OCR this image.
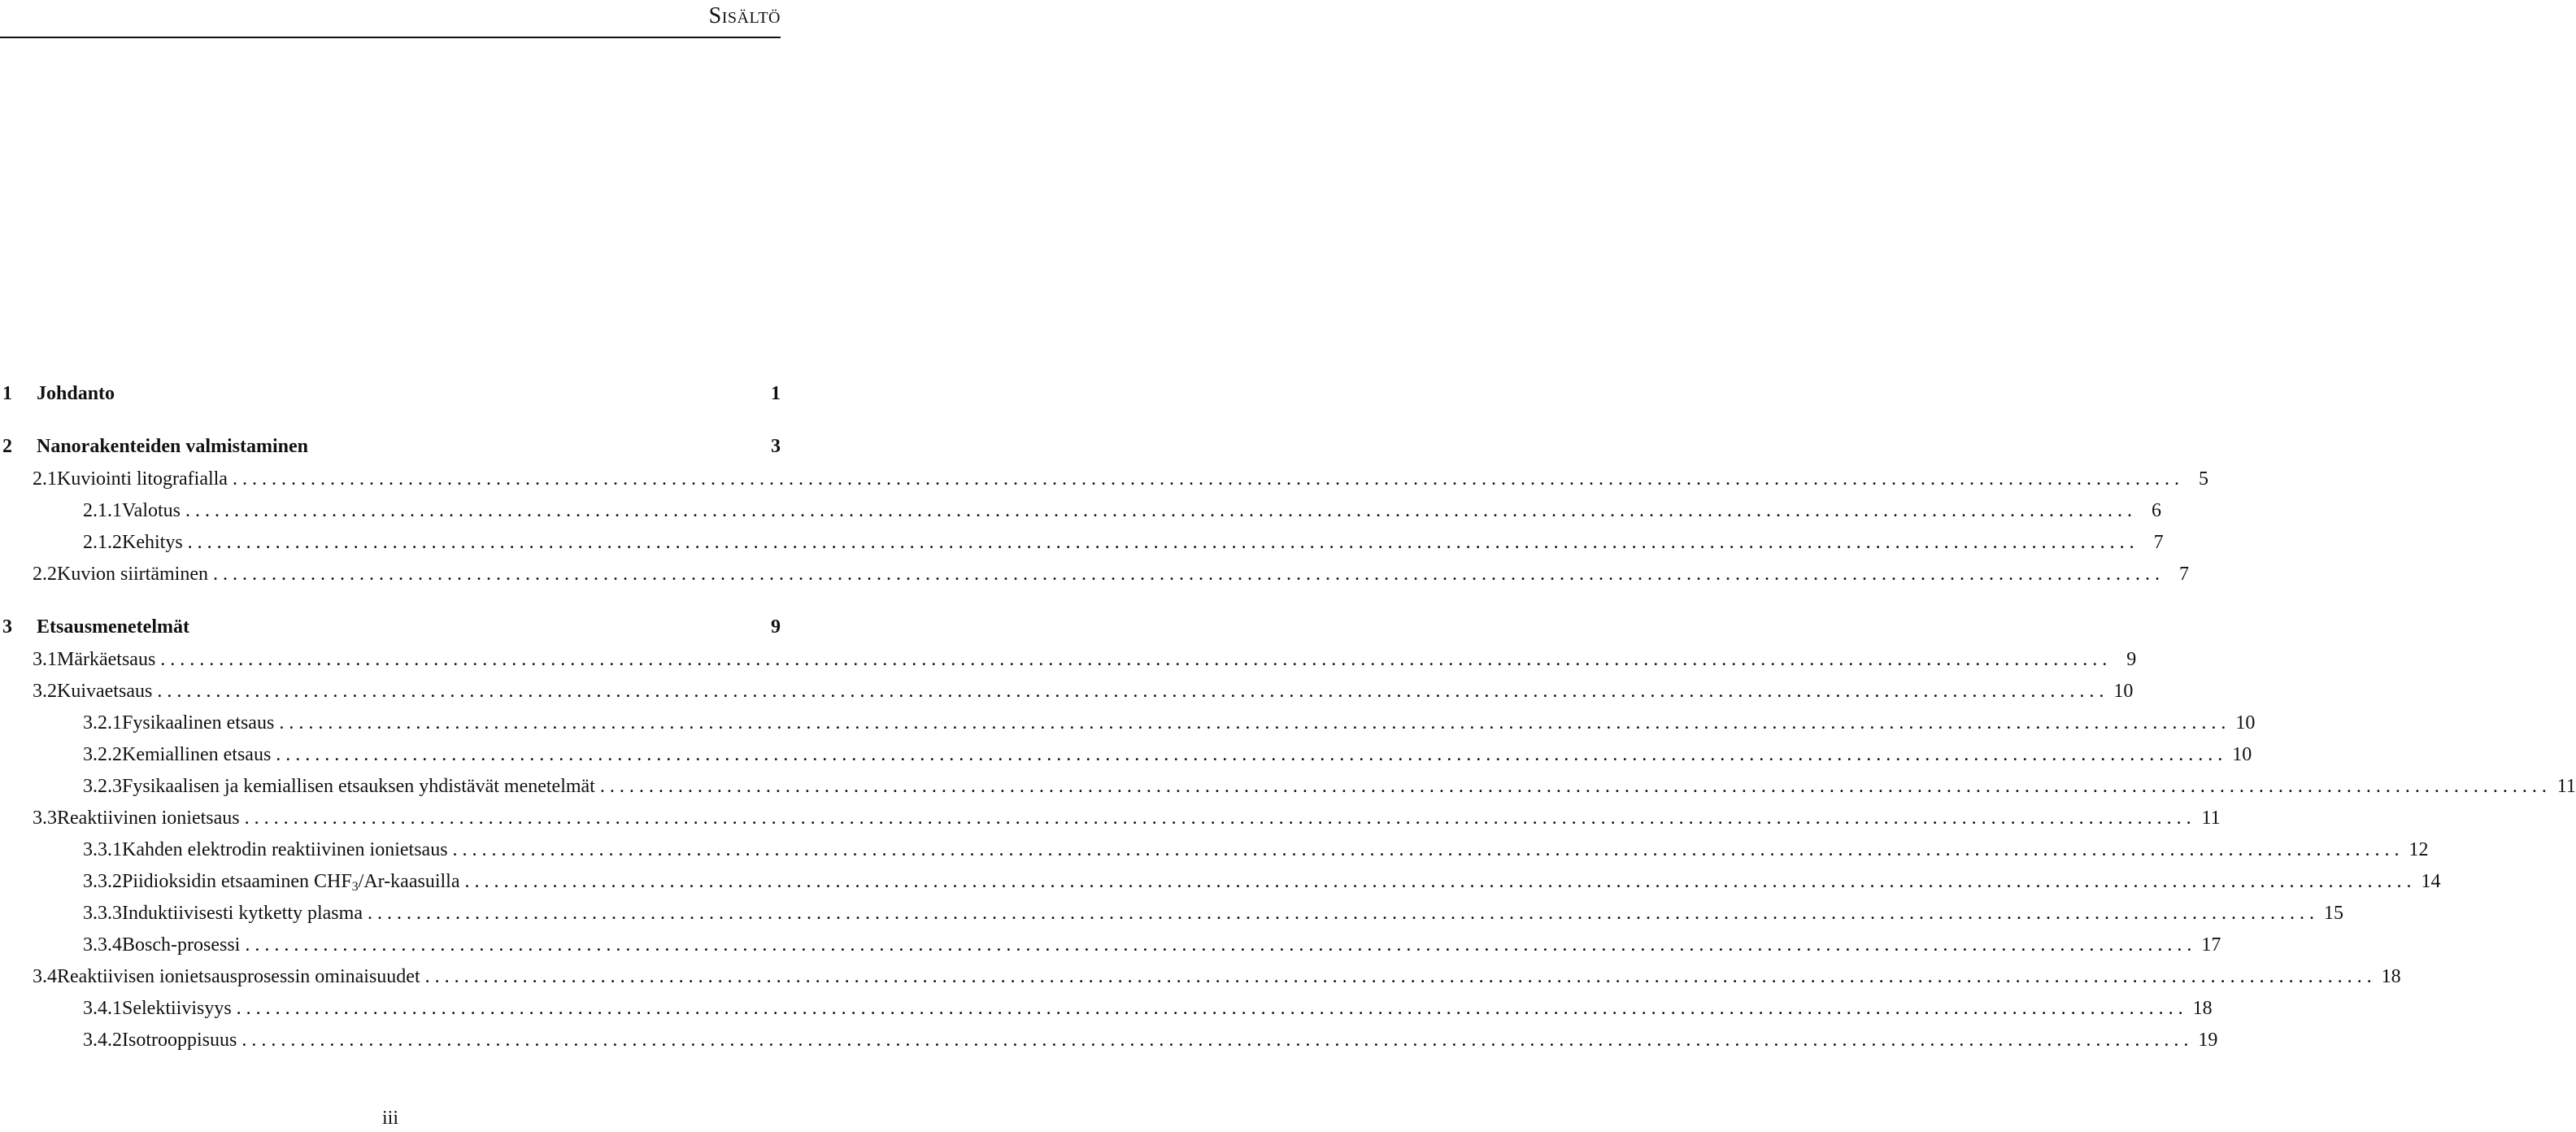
Sisältö
1	Johdanto	1
2	Nanorakenteiden valmistaminen	3
2.1 Kuviointi litografialla . . . . . . . . . . . . . . . . . . . . . . . . . . . . . . . . . . . . . . . . . . . . . . . . . . . . . . . . . . . . . . . . . . . . . . . . . . . . . . . . . . . . . . . . . . . . . . . . . . . . . . . . . . . . . . . . . . . . . . . . . . . . . . . . . . . . . . . . . . . . . . . . . . . . . . . . . . . . . . . . . . . . . . . . . . . . . . . . . . . . . . . . . . . . . . . . . . . . . . . .	5
2.1.1 Valotus . . . . . . . . . . . . . . . . . . . . . . . . . . . . . . . . . . . . . . . . . . . . . . . . . . . . . . . . . . . . . . . . . . . . . . . . . . . . . . . . . . . . . . . . . . . . . . . . . . . . . . . . . . . . . . . . . . . . . . . . . . . . . . . . . . . . . . . . . . . . . . . . . . . . . . . . . . . . . . . . . . . . . . . . . . . . . . . . . . . . . . . . . . . . . . . . . . . . . . . .	6
2.1.2 Kehitys . . . . . . . . . . . . . . . . . . . . . . . . . . . . . . . . . . . . . . . . . . . . . . . . . . . . . . . . . . . . . . . . . . . . . . . . . . . . . . . . . . . . . . . . . . . . . . . . . . . . . . . . . . . . . . . . . . . . . . . . . . . . . . . . . . . . . . . . . . . . . . . . . . . . . . . . . . . . . . . . . . . . . . . . . . . . . . . . . . . . . . . . . . . . . . . . . . . . . . . .	7
2.2 Kuvion siirtäminen . . . . . . . . . . . . . . . . . . . . . . . . . . . . . . . . . . . . . . . . . . . . . . . . . . . . . . . . . . . . . . . . . . . . . . . . . . . . . . . . . . . . . . . . . . . . . . . . . . . . . . . . . . . . . . . . . . . . . . . . . . . . . . . . . . . . . . . . . . . . . . . . . . . . . . . . . . . . . . . . . . . . . . . . . . . . . . . . . . . . . . . . . . . . . . . . . . . . . . . .	7
3	Etsausmenetelmät	9
3.1 Märkäetsaus . . . . . . . . . . . . . . . . . . . . . . . . . . . . . . . . . . . . . . . . . . . . . . . . . . . . . . . . . . . . . . . . . . . . . . . . . . . . . . . . . . . . . . . . . . . . . . . . . . . . . . . . . . . . . . . . . . . . . . . . . . . . . . . . . . . . . . . . . . . . . . . . . . . . . . . . . . . . . . . . . . . . . . . . . . . . . . . . . . . . . . . . . . . . . . . . . . . . . . . .	9
3.2 Kuivaetsaus . . . . . . . . . . . . . . . . . . . . . . . . . . . . . . . . . . . . . . . . . . . . . . . . . . . . . . . . . . . . . . . . . . . . . . . . . . . . . . . . . . . . . . . . . . . . . . . . . . . . . . . . . . . . . . . . . . . . . . . . . . . . . . . . . . . . . . . . . . . . . . . . . . . . . . . . . . . . . . . . . . . . . . . . . . . . . . . . . . . . . . . . . . . . . . . . . . . . . . . . 10
3.2.1 Fysikaalinen etsaus . . . . . . . . . . . . . . . . . . . . . . . . . . . . . . . . . . . . . . . . . . . . . . . . . . . . . . . . . . . . . . . . . . . . . . . . . . . . . . . . . . . . . . . . . . . . . . . . . . . . . . . . . . . . . . . . . . . . . . . . . . . . . . . . . . . . . . . . . . . . . . . . . . . . . . . . . . . . . . . . . . . . . . . . . . . . . . . . . . . . . . . . . . . . . . . . . . . . . . . . 10
3.2.2 Kemiallinen etsaus . . . . . . . . . . . . . . . . . . . . . . . . . . . . . . . . . . . . . . . . . . . . . . . . . . . . . . . . . . . . . . . . . . . . . . . . . . . . . . . . . . . . . . . . . . . . . . . . . . . . . . . . . . . . . . . . . . . . . . . . . . . . . . . . . . . . . . . . . . . . . . . . . . . . . . . . . . . . . . . . . . . . . . . . . . . . . . . . . . . . . . . . . . . . . . . . . . . . . . . . 10
3.2.3 Fysikaalisen ja kemiallisen etsauksen yhdistävät menetelmät . . . . . . . . . . . . . . . . . . . . . . . . . . . . . . . . . . . . . . . . . . . . . . . . . . . . . . . . . . . . . . . . . . . . . . . . . . . . . . . . . . . . . . . . . . . . . . . . . . . . . . . . . . . . . . . . . . . . . . . . . . . . . . . . . . . . . . . . . . . . . . . . . . . . . . . . . . . . . . . . . . . . . . . . . . . . . . . . . . . . . . . . . . . . . . . . . . . . . . . . 11
3.3 Reaktiivinen ionietsaus . . . . . . . . . . . . . . . . . . . . . . . . . . . . . . . . . . . . . . . . . . . . . . . . . . . . . . . . . . . . . . . . . . . . . . . . . . . . . . . . . . . . . . . . . . . . . . . . . . . . . . . . . . . . . . . . . . . . . . . . . . . . . . . . . . . . . . . . . . . . . . . . . . . . . . . . . . . . . . . . . . . . . . . . . . . . . . . . . . . . . . . . . . . . . . . . . . . . . . . . 11
3.3.1 Kahden elektrodin reaktiivinen ionietsaus . . . . . . . . . . . . . . . . . . . . . . . . . . . . . . . . . . . . . . . . . . . . . . . . . . . . . . . . . . . . . . . . . . . . . . . . . . . . . . . . . . . . . . . . . . . . . . . . . . . . . . . . . . . . . . . . . . . . . . . . . . . . . . . . . . . . . . . . . . . . . . . . . . . . . . . . . . . . . . . . . . . . . . . . . . . . . . . . . . . . . . . . . . . . . . . . . . . . . . . . 12
3.3.2 Piidioksidin etsaaminen $CHF_3/Ar$-kaasuilla . . . . . . . . . . . . . . . . . . . . . . . . . . . . . . . . . . . . . . . . . . . . . . . . . . . . . . . . . . . . . . . . . . . . . . . . . . . . . . . . . . . . . . . . . . . . . . . . . . . . . . . . . . . . . . . . . . . . . . . . . . . . . . . . . . . . . . . . . . . . . . . . . . . . . . . . . . . . . . . . . . . . . . . . . . . . . . . . . . . . . . . . . . . . . . . . . . . . . . . . 14
3.3.3 Induktiivisesti kytketty plasma . . . . . . . . . . . . . . . . . . . . . . . . . . . . . . . . . . . . . . . . . . . . . . . . . . . . . . . . . . . . . . . . . . . . . . . . . . . . . . . . . . . . . . . . . . . . . . . . . . . . . . . . . . . . . . . . . . . . . . . . . . . . . . . . . . . . . . . . . . . . . . . . . . . . . . . . . . . . . . . . . . . . . . . . . . . . . . . . . . . . . . . . . . . . . . . . . . . . . . . . 15
3.3.4 Bosch-prosessi . . . . . . . . . . . . . . . . . . . . . . . . . . . . . . . . . . . . . . . . . . . . . . . . . . . . . . . . . . . . . . . . . . . . . . . . . . . . . . . . . . . . . . . . . . . . . . . . . . . . . . . . . . . . . . . . . . . . . . . . . . . . . . . . . . . . . . . . . . . . . . . . . . . . . . . . . . . . . . . . . . . . . . . . . . . . . . . . . . . . . . . . . . . . . . . . . . . . . . . . 17
3.4 Reaktiivisen ionietsausprosessin ominaisuudet . . . . . . . . . . . . . . . . . . . . . . . . . . . . . . . . . . . . . . . . . . . . . . . . . . . . . . . . . . . . . . . . . . . . . . . . . . . . . . . . . . . . . . . . . . . . . . . . . . . . . . . . . . . . . . . . . . . . . . . . . . . . . . . . . . . . . . . . . . . . . . . . . . . . . . . . . . . . . . . . . . . . . . . . . . . . . . . . . . . . . . . . . . . . . . . . . . . . . . . . 18
3.4.1 Selektiivisyys . . . . . . . . . . . . . . . . . . . . . . . . . . . . . . . . . . . . . . . . . . . . . . . . . . . . . . . . . . . . . . . . . . . . . . . . . . . . . . . . . . . . . . . . . . . . . . . . . . . . . . . . . . . . . . . . . . . . . . . . . . . . . . . . . . . . . . . . . . . . . . . . . . . . . . . . . . . . . . . . . . . . . . . . . . . . . . . . . . . . . . . . . . . . . . . . . . . . . . . . 18
3.4.2 Isotrooppisuus . . . . . . . . . . . . . . . . . . . . . . . . . . . . . . . . . . . . . . . . . . . . . . . . . . . . . . . . . . . . . . . . . . . . . . . . . . . . . . . . . . . . . . . . . . . . . . . . . . . . . . . . . . . . . . . . . . . . . . . . . . . . . . . . . . . . . . . . . . . . . . . . . . . . . . . . . . . . . . . . . . . . . . . . . . . . . . . . . . . . . . . . . . . . . . . . . . . . . . . . 19
iii
